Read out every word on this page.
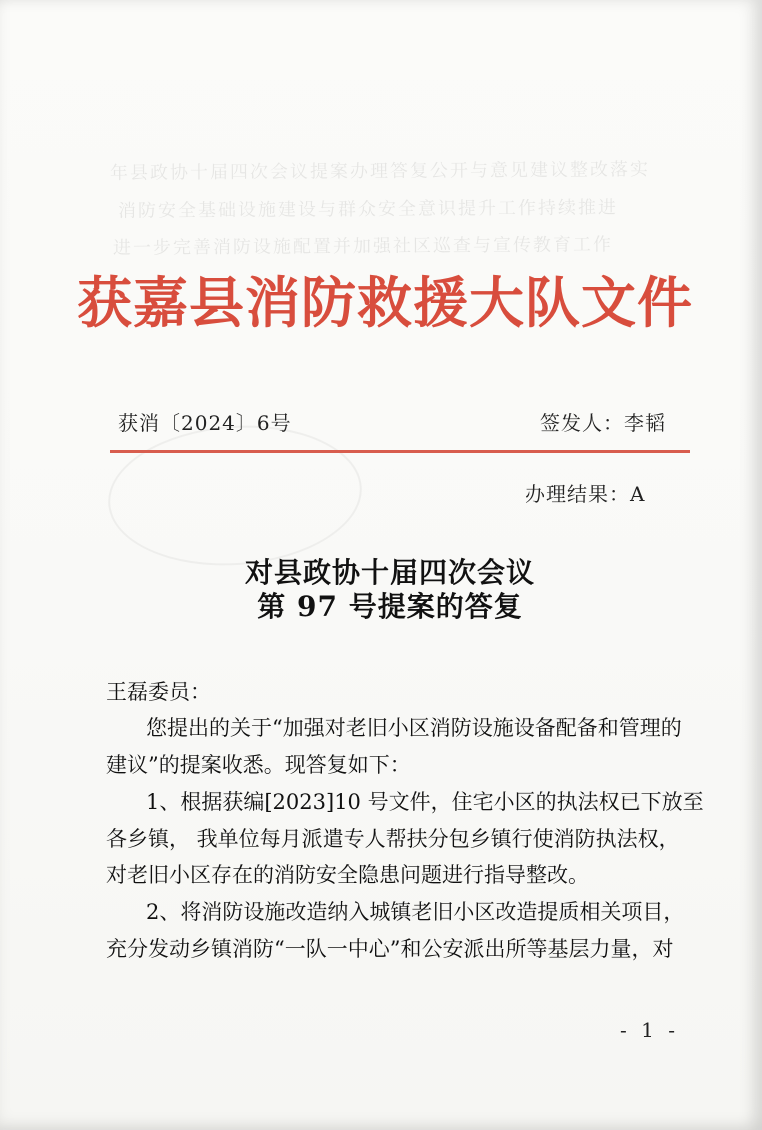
年县政协十届四次会议提案办理答复公开与意见建议整改落实
消防安全基础设施建设与群众安全意识提升工作持续推进
进一步完善消防设施配置并加强社区巡查与宣传教育工作
获嘉县消防救援大队文件
获消〔2024〕6号	签发人：李韬
办理结果：A
对县政协十届四次会议
第 97 号提案的答复
王磊委员：
您提出的关于“加强对老旧小区消防设施设备配备和管理的
建议”的提案收悉。现答复如下：
1、根据获编[2023]10 号文件，住宅小区的执法权已下放至
各乡镇， 我单位每月派遣专人帮扶分包乡镇行使消防执法权，
对老旧小区存在的消防安全隐患问题进行指导整改。
2、将消防设施改造纳入城镇老旧小区改造提质相关项目，
充分发动乡镇消防“一队一中心”和公安派出所等基层力量，对
- 1 -
